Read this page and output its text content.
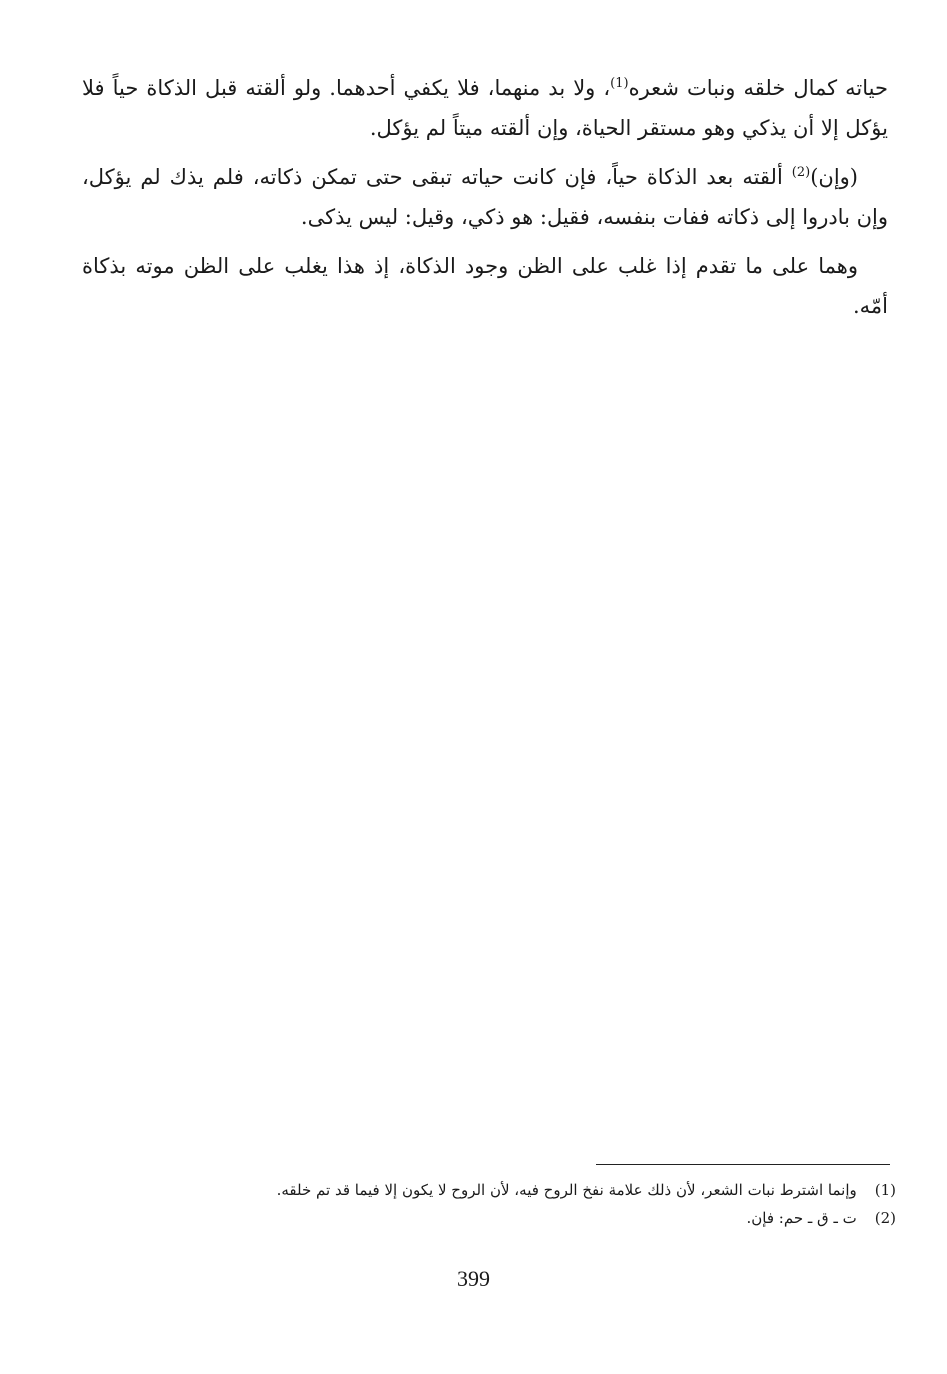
حياته كمال خلقه ونبات شعره$^{(1)}$، ولا بد منهما، فلا يكفي أحدهما. ولو ألقته قبل الذكاة حياً فلا يؤكل إلا أن يذكي وهو مستقر الحياة، وإن ألقته ميتاً لم يؤكل.

(وإن)$^{(2)}$ ألقته بعد الذكاة حياً، فإن كانت حياته تبقى حتى تمكن ذكاته، فلم يذك لم يؤكل، وإن بادروا إلى ذكاته ففات بنفسه، فقيل: هو ذكي، وقيل: ليس يذكى.

وهما على ما تقدم إذا غلب على الظن وجود الذكاة، إذ هذا يغلب على الظن موته بذكاة أمّه.

(1)وإنما اشترط نبات الشعر، لأن ذلك علامة نفخ الروح فيه، لأن الروح لا يكون إلا فيما قد تم خلقه.
(2)ت ـ ق ـ حم: فإن.
399
